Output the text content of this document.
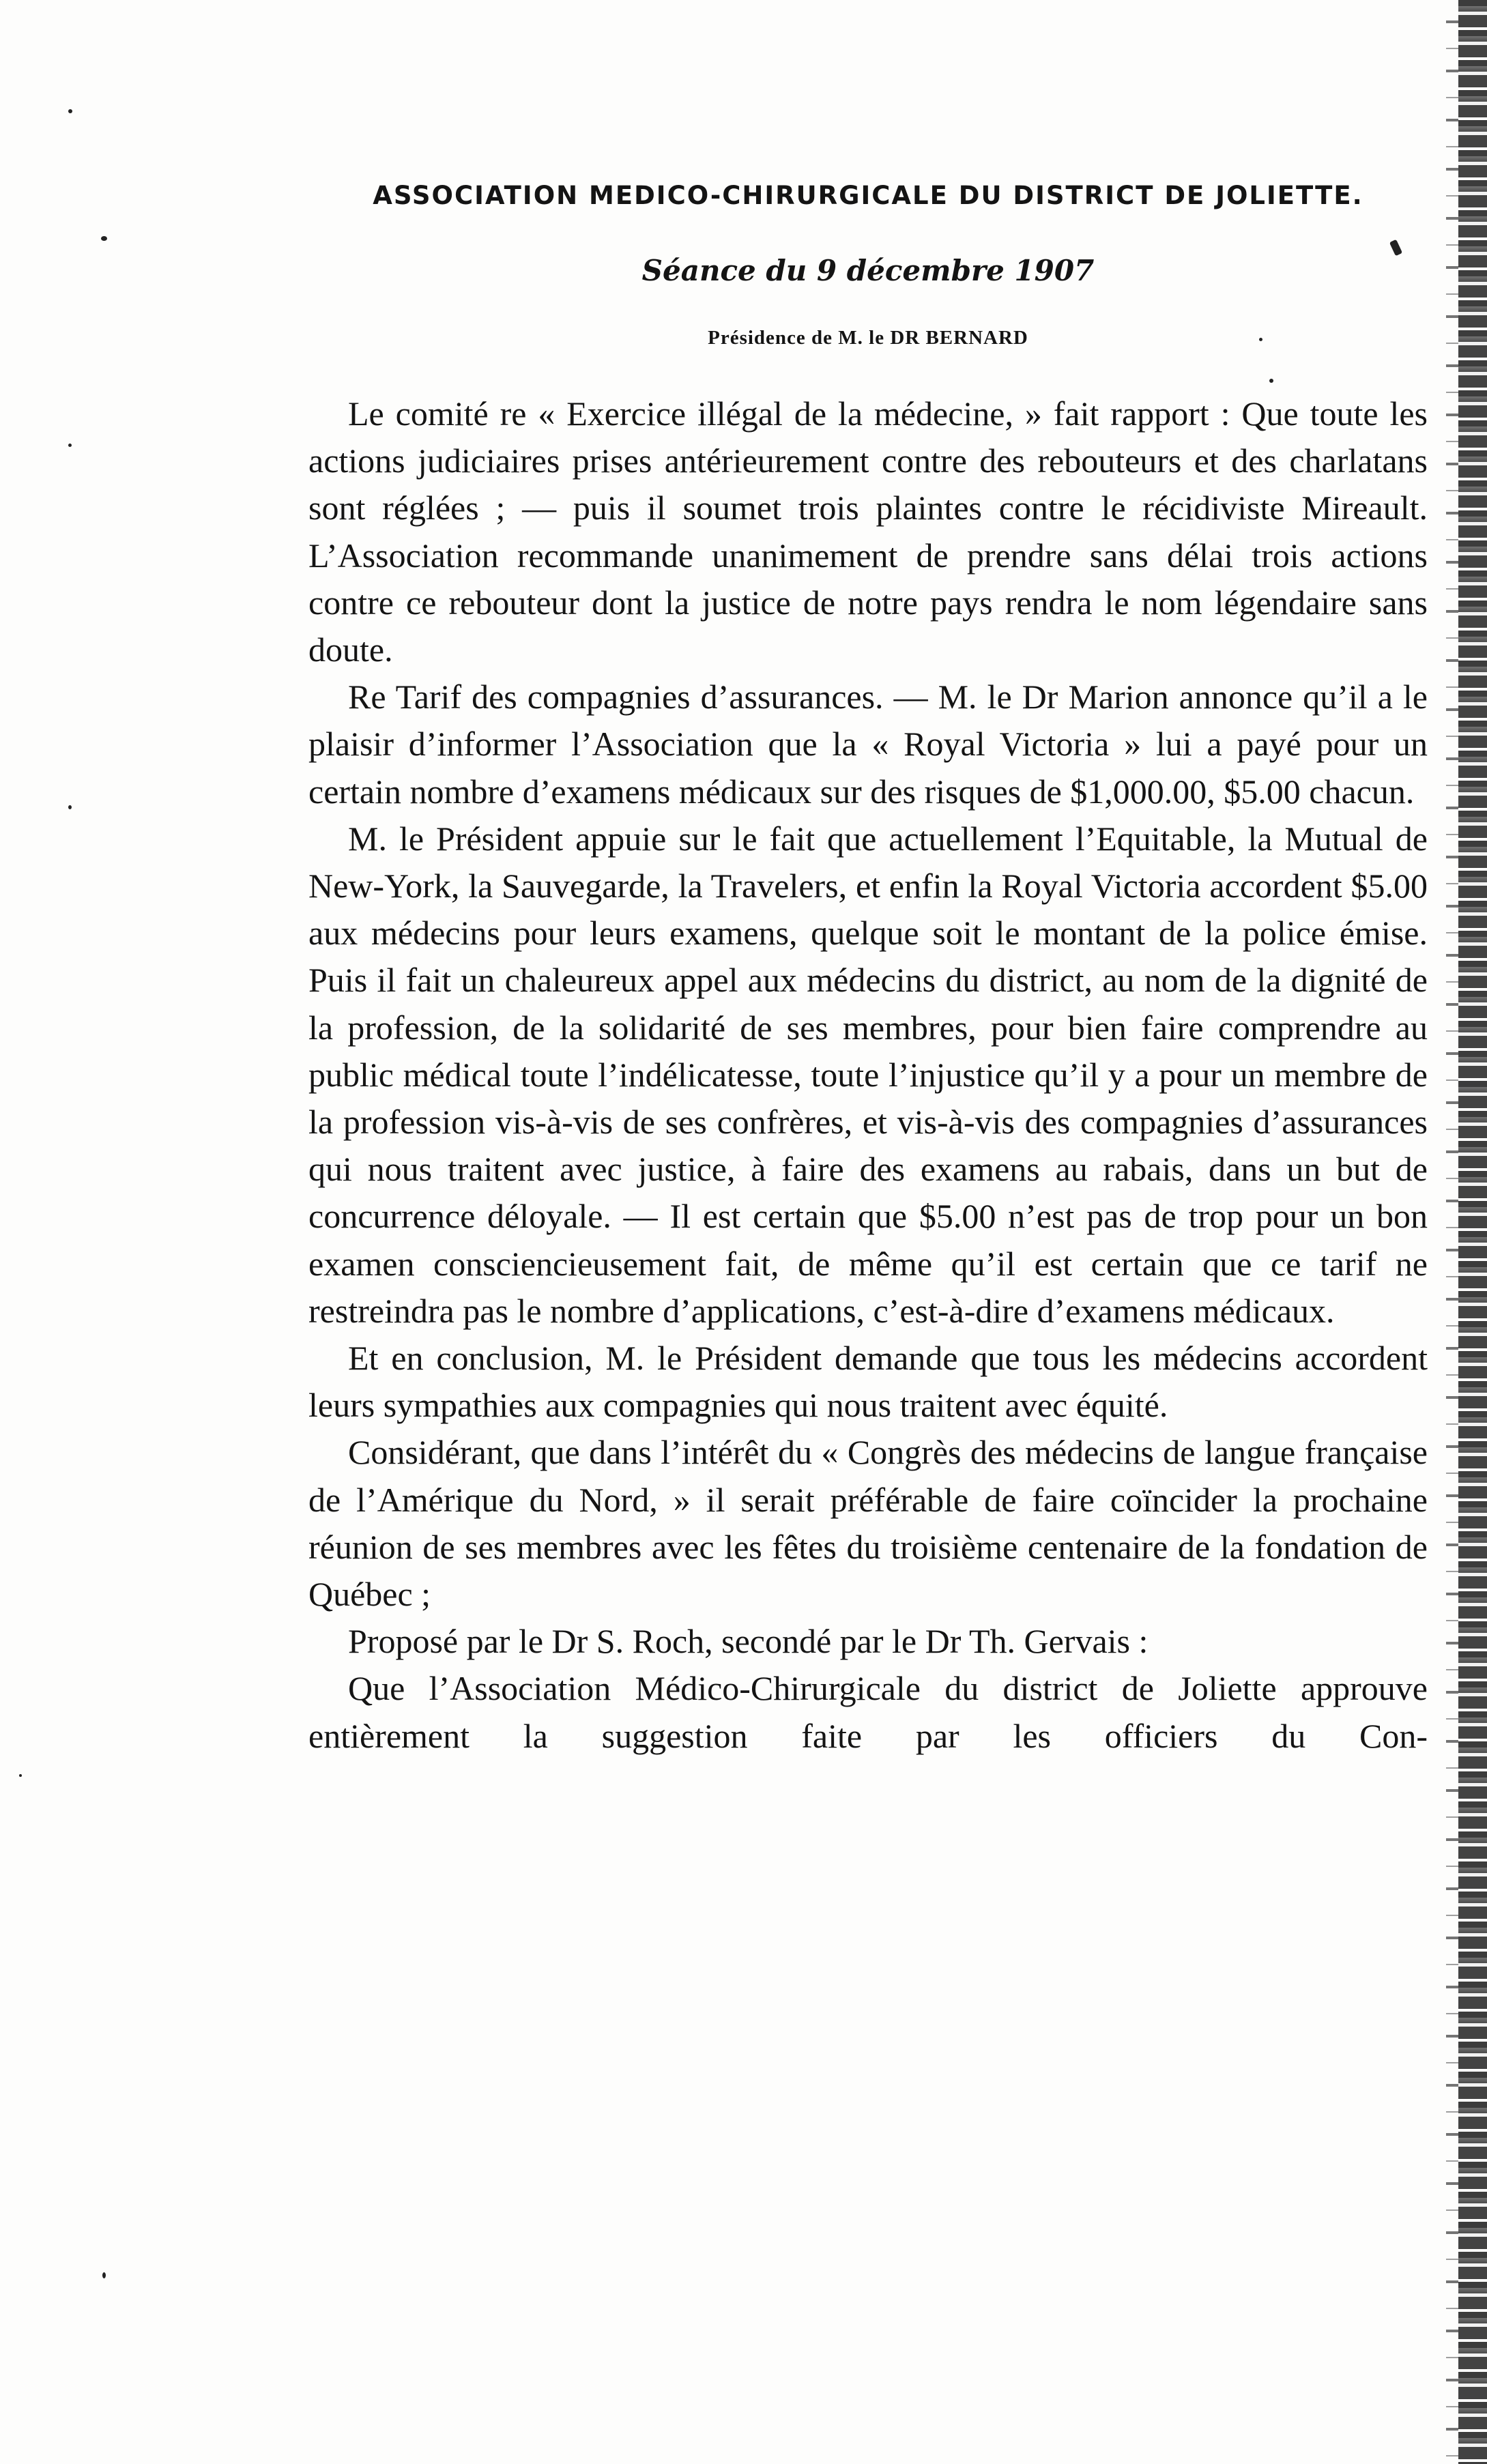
ASSOCIATION MEDICO-CHIRURGICALE DU DISTRICT DE JOLIETTE.
Séance du 9 décembre 1907
Présidence de M. le DR BERNARD

Le comité re « Exercice illégal de la médecine, » fait rapport : Que toute les actions judiciaires prises antérieurement contre des rebouteurs et des charlatans sont réglées ; — puis il soumet trois plaintes contre le récidiviste Mireault. L’Association recommande unanimement de prendre sans délai trois actions contre ce rebouteur dont la justice de notre pays rendra le nom légendaire sans doute.

Re Tarif des compagnies d’assurances. — M. le Dr Marion annonce qu’il a le plaisir d’informer l’Association que la « Royal Victoria » lui a payé pour un certain nombre d’examens médicaux sur des risques de $1,000.00, $5.00 chacun.

M. le Président appuie sur le fait que actuellement l’Equitable, la Mutual de New-York, la Sauvegarde, la Travelers, et enfin la Royal Victoria accordent $5.00 aux médecins pour leurs examens, quelque soit le montant de la police émise. Puis il fait un chaleureux appel aux médecins du district, au nom de la dignité de la profession, de la solidarité de ses membres, pour bien faire comprendre au public médical toute l’indélicatesse, toute l’injustice qu’il y a pour un membre de la profession vis-à-vis de ses confrères, et vis-à-vis des compagnies d’assurances qui nous traitent avec justice, à faire des examens au rabais, dans un but de concurrence déloyale. — Il est certain que $5.00 n’est pas de trop pour un bon examen consciencieusement fait, de même qu’il est certain que ce tarif ne restreindra pas le nombre d’applications, c’est-à-dire d’examens médicaux.

Et en conclusion, M. le Président demande que tous les médecins accordent leurs sympathies aux compagnies qui nous traitent avec équité.

Considérant, que dans l’intérêt du « Congrès des médecins de langue française de l’Amérique du Nord, » il serait préférable de faire coïncider la prochaine réunion de ses membres avec les fêtes du troisième centenaire de la fondation de Québec ;

Proposé par le Dr S. Roch, secondé par le Dr Th. Gervais :

Que l’Association Médico-Chirurgicale du district de Joliette approuve entièrement la suggestion faite par les officiers du Con-
